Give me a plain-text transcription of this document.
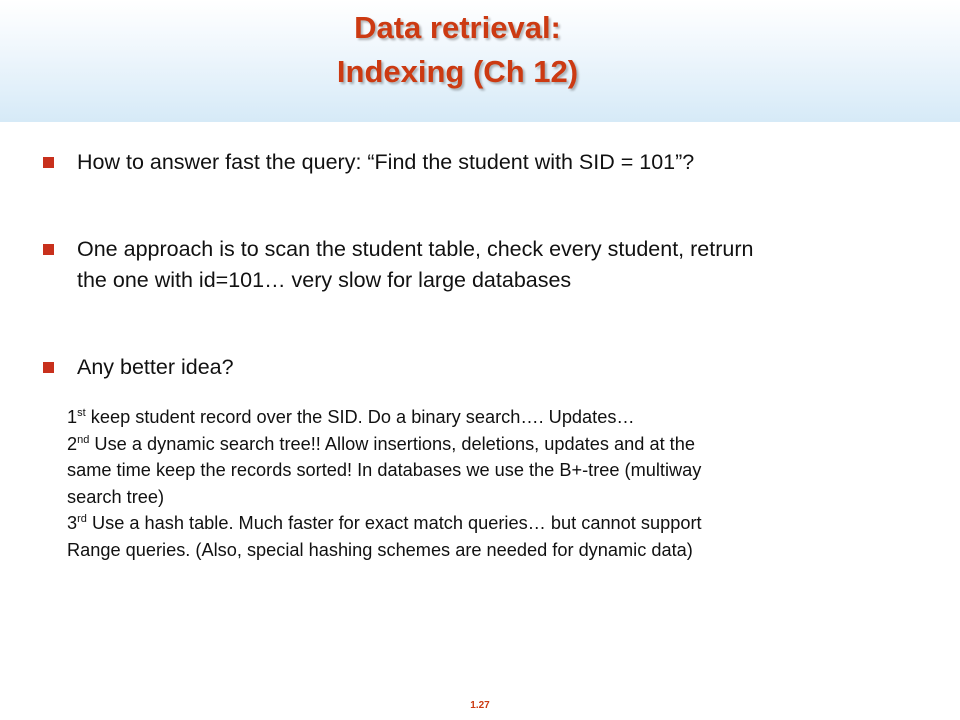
Data retrieval:
Indexing (Ch 12)
How to answer fast the query: “Find the student with SID = 101”?
One approach is to scan the student table, check every student, retrurn
the one with id=101… very slow for large databases
Any better idea?

1st keep student record over the SID. Do a binary search…. Updates…

2nd Use a dynamic search tree!! Allow insertions, deletions, updates and at the

same time keep the records sorted! In databases we use the B+-tree (multiway

search tree)

3rd Use a hash table. Much faster for exact match queries… but cannot support

Range queries. (Also, special hashing schemes are needed for dynamic data)

1.27
